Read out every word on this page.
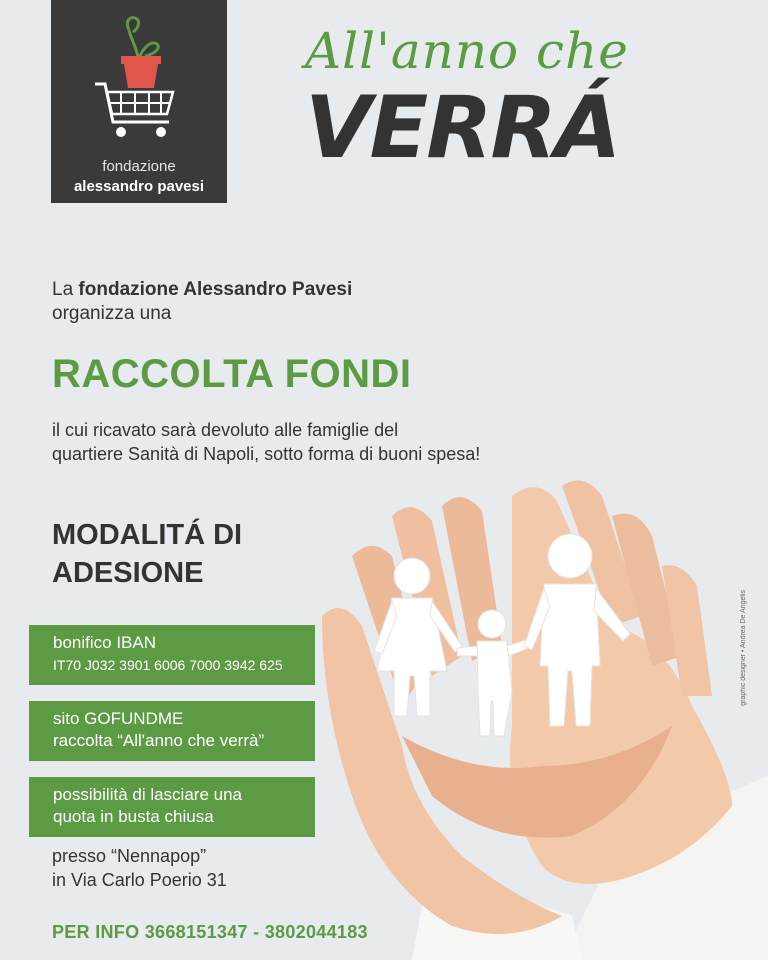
fondazione
alessandro pavesi
All'anno che
VERRÁ
La fondazione Alessandro Pavesi
organizza una
RACCOLTA FONDI
il cui ricavato sarà devoluto alle famiglie del
quartiere Sanità di Napoli, sotto forma di buoni spesa!
MODALITÁ DI
ADESIONE
bonifico IBAN
IT70 J032 3901 6006 7000 3942 625
sito GOFUNDME
raccolta “All'anno che verrà”
possibilità di lasciare una
quota in busta chiusa
presso “Nennapop”
in Via Carlo Poerio 31
PER INFO 3668151347 - 3802044183
graphic designer • Andrea De Angelis
